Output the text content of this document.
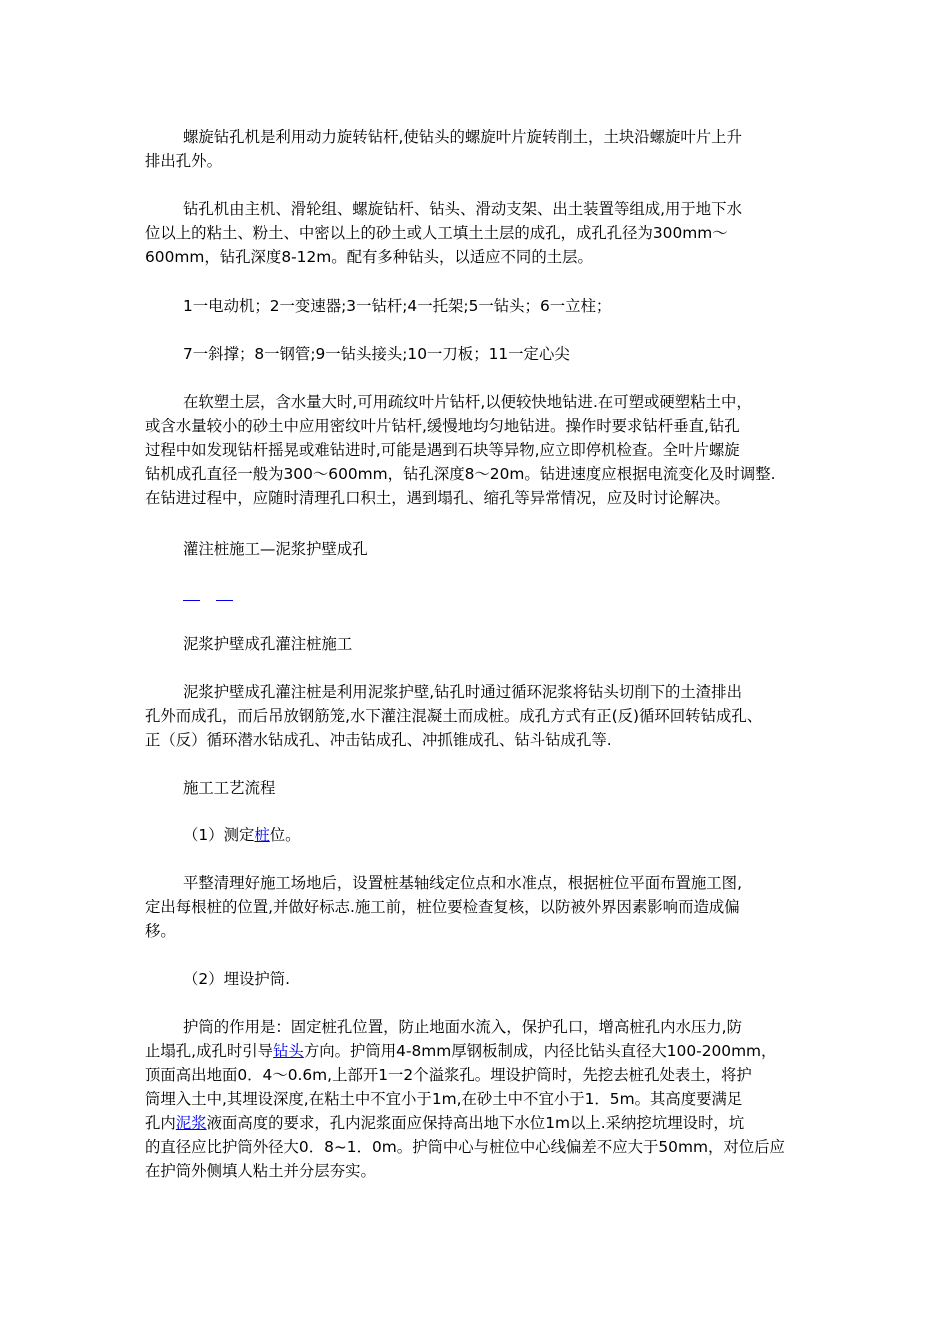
螺旋钻孔机是利用动力旋转钻杆,使钻头的螺旋叶片旋转削土，土块沿螺旋叶片上升
排出孔外。

钻孔机由主机、滑轮组、螺旋钻杆、钻头、滑动支架、出土装置等组成,用于地下水
位以上的粘土、粉土、中密以上的砂土或人工填土土层的成孔，成孔孔径为300mm～
600mm，钻孔深度8-12m。配有多种钻头，以适应不同的土层。

1一电动机；2一变速器;3一钻杆;4一托架;5一钻头；6一立柱；

7一斜撑；8一钢管;9一钻头接头;10一刀板；11一定心尖

在软塑土层，含水量大时,可用疏纹叶片钻杆,以便较快地钻进.在可塑或硬塑粘土中，
或含水量较小的砂土中应用密纹叶片钻杆,缓慢地均匀地钻进。操作时要求钻杆垂直,钻孔
过程中如发现钻杆摇晃或难钻进时,可能是遇到石块等异物,应立即停机检查。全叶片螺旋
钻机成孔直径一般为300～600mm，钻孔深度8～20m。钻进速度应根据电流变化及时调整.
在钻进过程中，应随时清理孔口积土，遇到塌孔、缩孔等异常情况，应及时讨论解决。

灌注桩施工—泥浆护壁成孔

泥浆护壁成孔灌注桩施工

泥浆护壁成孔灌注桩是利用泥浆护壁,钻孔时通过循环泥浆将钻头切削下的土渣排出
孔外而成孔，而后吊放钢筋笼,水下灌注混凝土而成桩。成孔方式有正(反)循环回转钻成孔、
正（反）循环潜水钻成孔、冲击钻成孔、冲抓锥成孔、钻斗钻成孔等.

施工工艺流程

（1）测定桩位。

平整清理好施工场地后，设置桩基轴线定位点和水准点，根据桩位平面布置施工图,
定出每根桩的位置,并做好标志.施工前，桩位要检查复核，以防被外界因素影响而造成偏
移。

（2）埋设护筒.

护筒的作用是：固定桩孔位置，防止地面水流入，保护孔口，增高桩孔内水压力,防
止塌孔,成孔时引导钻头方向。护筒用4-8mm厚钢板制成，内径比钻头直径大100-200mm，
顶面高出地面0．4～0.6m,上部开1一2个溢浆孔。埋设护筒时，先挖去桩孔处表土，将护
筒埋入土中,其埋设深度,在粘土中不宜小于1m,在砂土中不宜小于1．5m。其高度要满足
孔内泥浆液面高度的要求，孔内泥浆面应保持高出地下水位1m以上.采纳挖坑埋设时，坑
的直径应比护筒外径大0．8~1．0m。护筒中心与桩位中心线偏差不应大于50mm，对位后应
在护筒外侧填人粘土并分层夯实。
